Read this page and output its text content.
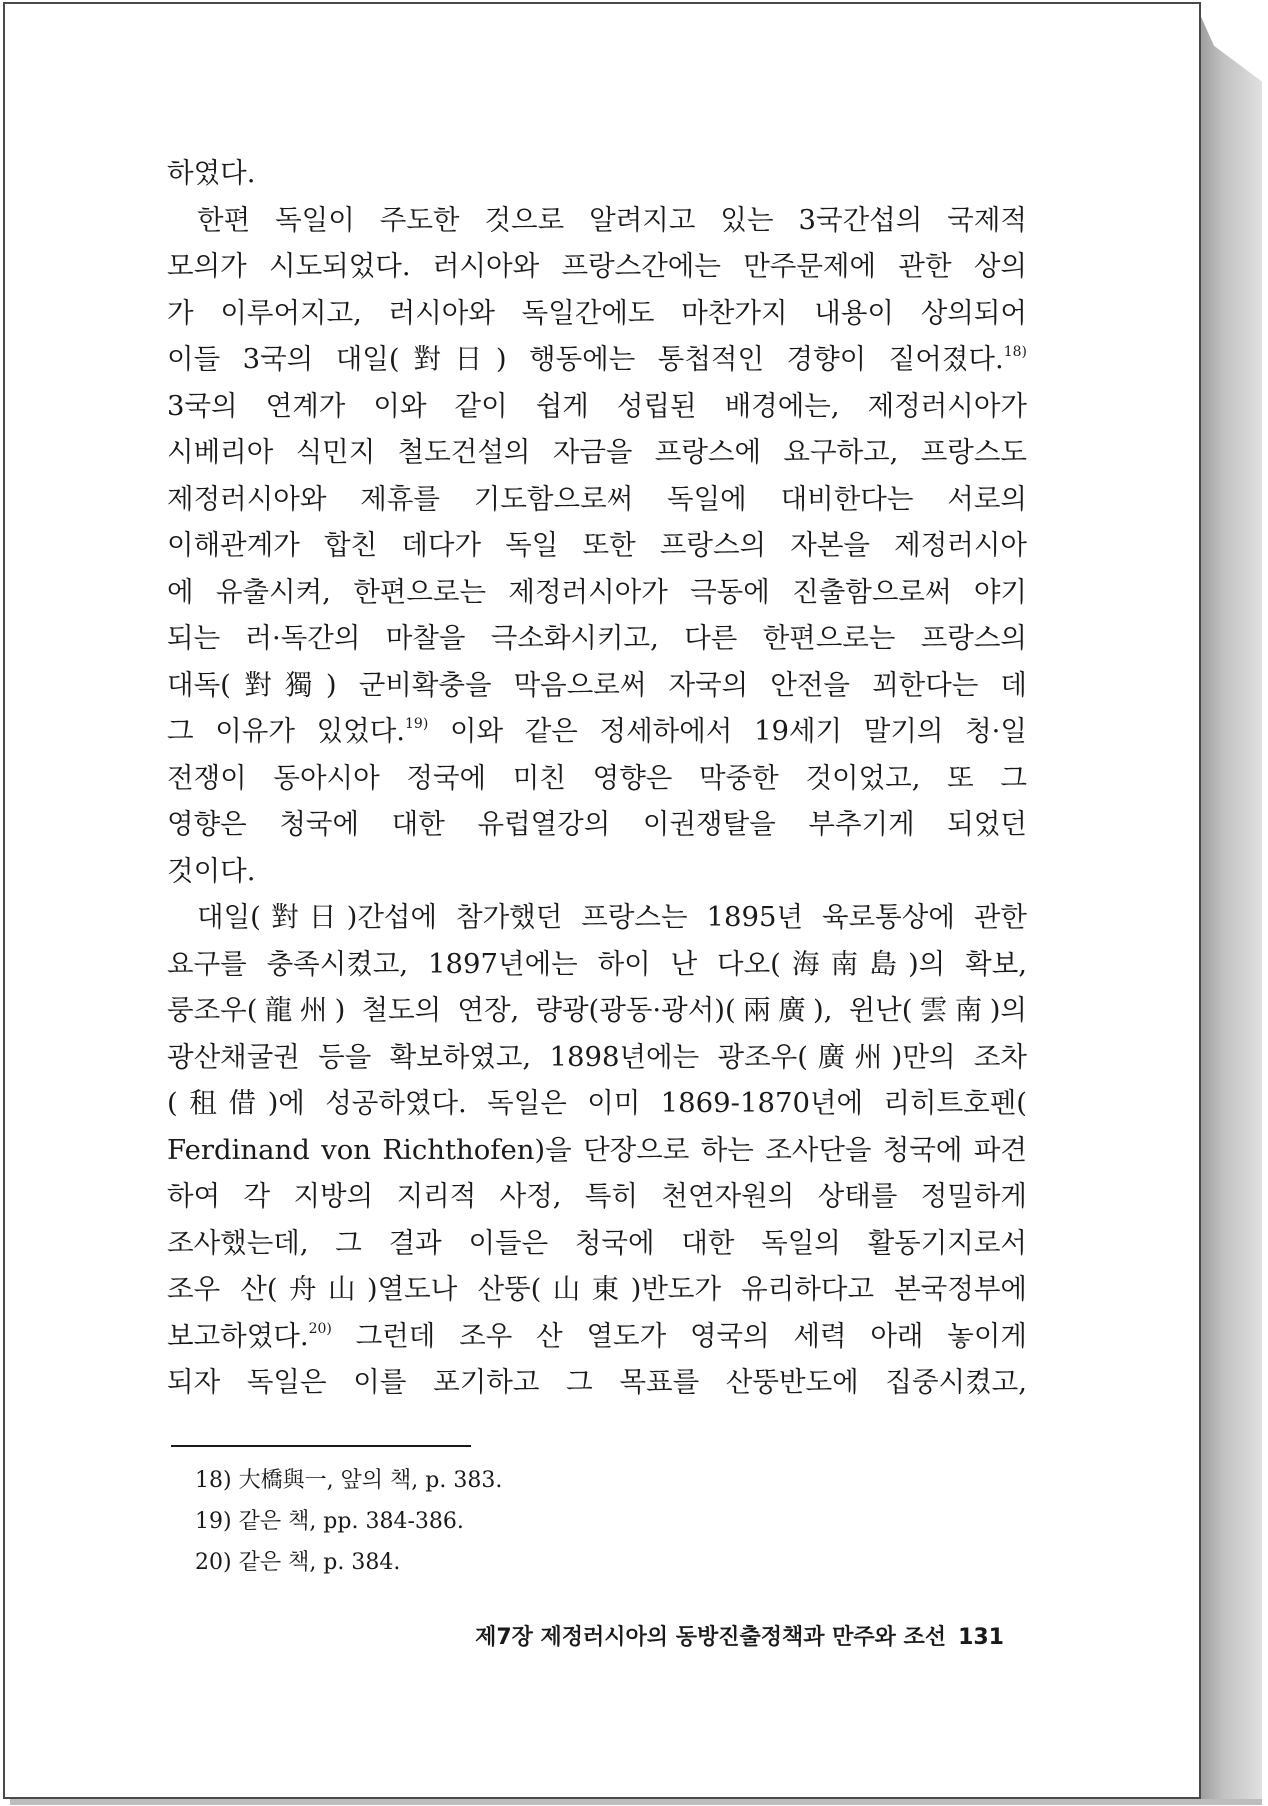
하였다.
한편 독일이 주도한 것으로 알려지고 있는 3국간섭의 국제적
모의가 시도되었다. 러시아와 프랑스간에는 만주문제에 관한 상의
가 이루어지고, 러시아와 독일간에도 마찬가지 내용이 상의되어
이들 3국의 대일(對日) 행동에는 통첩적인 경향이 짙어졌다.$^{18)}$
3국의 연계가 이와 같이 쉽게 성립된 배경에는, 제정러시아가
시베리아 식민지 철도건설의 자금을 프랑스에 요구하고, 프랑스도
제정러시아와 제휴를 기도함으로써 독일에 대비한다는 서로의
이해관계가 합친 데다가 독일 또한 프랑스의 자본을 제정러시아
에 유출시켜, 한편으로는 제정러시아가 극동에 진출함으로써 야기
되는 러·독간의 마찰을 극소화시키고, 다른 한편으로는 프랑스의
대독(對獨) 군비확충을 막음으로써 자국의 안전을 꾀한다는 데
그 이유가 있었다.$^{19)}$ 이와 같은 정세하에서 19세기 말기의 청·일
전쟁이 동아시아 정국에 미친 영향은 막중한 것이었고, 또 그
영향은 청국에 대한 유럽열강의 이권쟁탈을 부추기게 되었던
것이다.
대일(對日)간섭에 참가했던 프랑스는 1895년 육로통상에 관한
요구를 충족시켰고, 1897년에는 하이 난 다오(海南島)의 확보,
룽조우(龍州) 철도의 연장, 량광(광동·광서)(兩廣), 윈난(雲南)의
광산채굴권 등을 확보하였고, 1898년에는 광조우(廣州)만의 조차
(租借)에 성공하였다. 독일은 이미 1869-1870년에 리히트호펜(
Ferdinand von Richthofen)을 단장으로 하는 조사단을 청국에 파견
하여 각 지방의 지리적 사정, 특히 천연자원의 상태를 정밀하게
조사했는데, 그 결과 이들은 청국에 대한 독일의 활동기지로서
조우 산(舟山)열도나 산뚱(山東)반도가 유리하다고 본국정부에
보고하였다.$^{20)}$ 그런데 조우 산 열도가 영국의 세력 아래 놓이게
되자 독일은 이를 포기하고 그 목표를 산뚱반도에 집중시켰고,
18) 大橋與一, 앞의 책, p. 383.
19) 같은 책, pp. 384-386.
20) 같은 책, p. 384.
제7장 제정러시아의 동방진출정책과 만주와 조선 131
